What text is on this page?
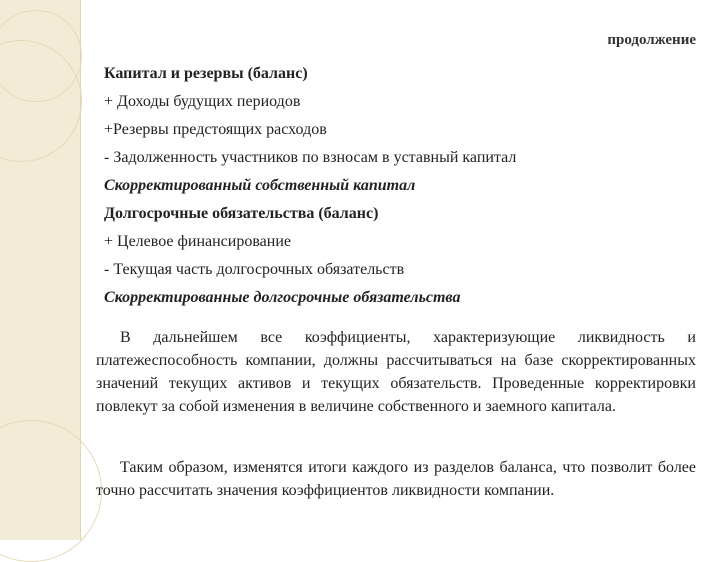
продолжение
Капитал и резервы (баланс)
+ Доходы будущих периодов
+Резервы предстоящих расходов
- Задолженность участников по взносам в уставный капитал
Скорректированный собственный капитал
Долгосрочные обязательства (баланс)
+ Целевое финансирование
- Текущая часть долгосрочных обязательств
Скорректированные долгосрочные обязательства

В дальнейшем все коэффициенты, характеризующие ликвидность и платежеспособность компании, должны рассчитываться на базе скорректированных значений текущих активов и текущих обязательств. Проведенные корректировки повлекут за собой изменения в величине собственного и заемного капитала.

Таким образом, изменятся итоги каждого из разделов баланса, что позволит более точно рассчитать значения коэффициентов ликвидности компании.
